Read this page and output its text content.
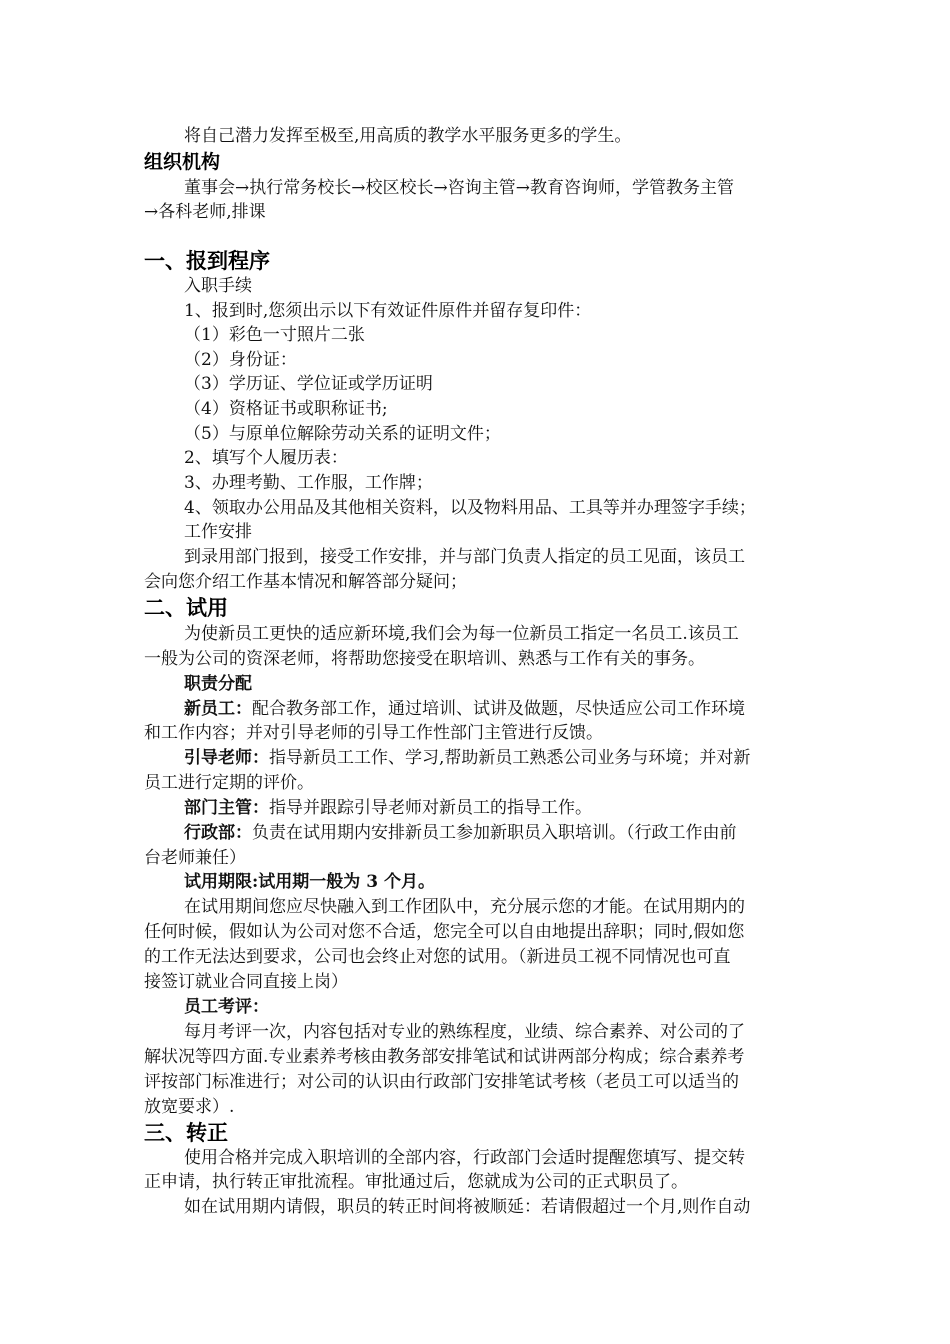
将自己潜力发挥至极至,用高质的教学水平服务更多的学生。

组织机构

董事会→执行常务校长→校区校长→咨询主管→教育咨询师，学管教务主管

→各科老师,排课

一、报到程序

入职手续

1、报到时,您须出示以下有效证件原件并留存复印件：

（1）彩色一寸照片二张

（2）身份证：

（3）学历证、学位证或学历证明

（4）资格证书或职称证书;

（5）与原单位解除劳动关系的证明文件；

2、填写个人履历表：

3、办理考勤、工作服，工作牌；

4、领取办公用品及其他相关资料，以及物料用品、工具等并办理签字手续；

工作安排

到录用部门报到，接受工作安排，并与部门负责人指定的员工见面，该员工

会向您介绍工作基本情况和解答部分疑问；

二、试用

为使新员工更快的适应新环境,我们会为每一位新员工指定一名员工.该员工

一般为公司的资深老师，将帮助您接受在职培训、熟悉与工作有关的事务。

职责分配

新员工：配合教务部工作，通过培训、试讲及做题，尽快适应公司工作环境

和工作内容；并对引导老师的引导工作性部门主管进行反馈。

引导老师：指导新员工工作、学习,帮助新员工熟悉公司业务与环境；并对新

员工进行定期的评价。

部门主管：指导并跟踪引导老师对新员工的指导工作。

行政部：负责在试用期内安排新员工参加新职员入职培训。（行政工作由前

台老师兼任）

试用期限:试用期一般为 3 个月。

在试用期间您应尽快融入到工作团队中，充分展示您的才能。在试用期内的

任何时候，假如认为公司对您不合适，您完全可以自由地提出辞职；同时,假如您

的工作无法达到要求，公司也会终止对您的试用。（新进员工视不同情况也可直

接签订就业合同直接上岗）

员工考评：

每月考评一次，内容包括对专业的熟练程度，业绩、综合素养、对公司的了

解状况等四方面.专业素养考核由教务部安排笔试和试讲两部分构成；综合素养考

评按部门标准进行；对公司的认识由行政部门安排笔试考核（老员工可以适当的

放宽要求）.

三、转正

使用合格并完成入职培训的全部内容，行政部门会适时提醒您填写、提交转

正申请，执行转正审批流程。审批通过后，您就成为公司的正式职员了。

如在试用期内请假，职员的转正时间将被顺延：若请假超过一个月,则作自动
